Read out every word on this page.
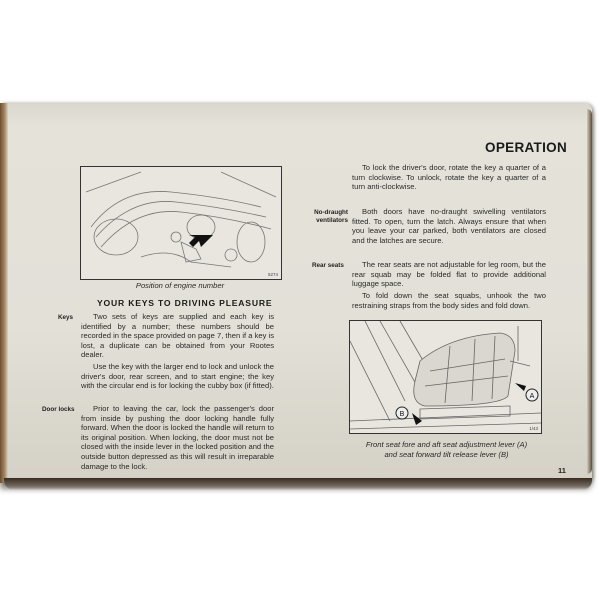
5274
Position of engine number
YOUR KEYS TO DRIVING PLEASURE
Keys	Two sets of keys are supplied and each key is identified by a number; these numbers should be recorded in the space provided on page 7, then if a key is lost, a duplicate can be obtained from your Rootes dealer.
Use the key with the larger end to lock and unlock the driver's door, rear screen, and to start engine; the key with the circular end is for locking the cubby box (if fitted).
Door locks	Prior to leaving the car, lock the passenger's door from inside by pushing the door locking handle fully forward. When the door is locked the handle will return to its original position. When locking, the door must not be closed with the inside lever in the locked position and the outside button depressed as this will result in irreparable damage to the lock.
OPERATION
To lock the driver's door, rotate the key a quarter of a turn clockwise. To unlock, rotate the key a quarter of a turn anti-clockwise.
No-draught
ventilators
Both doors have no-draught swivelling ventilators fitted. To open, turn the latch. Always ensure that when you leave your car parked, both ventilators are closed and the latches are secure.
Rear seats	The rear seats are not adjustable for leg room, but the rear squab may be folded flat to provide additional luggage space.
To fold down the seat squabs, unhook the two restraining straps from the body sides and fold down.
A
B
1/43
Front seat fore and aft seat adjustment lever (A)
and seat forward tilt release lever (B)
11
